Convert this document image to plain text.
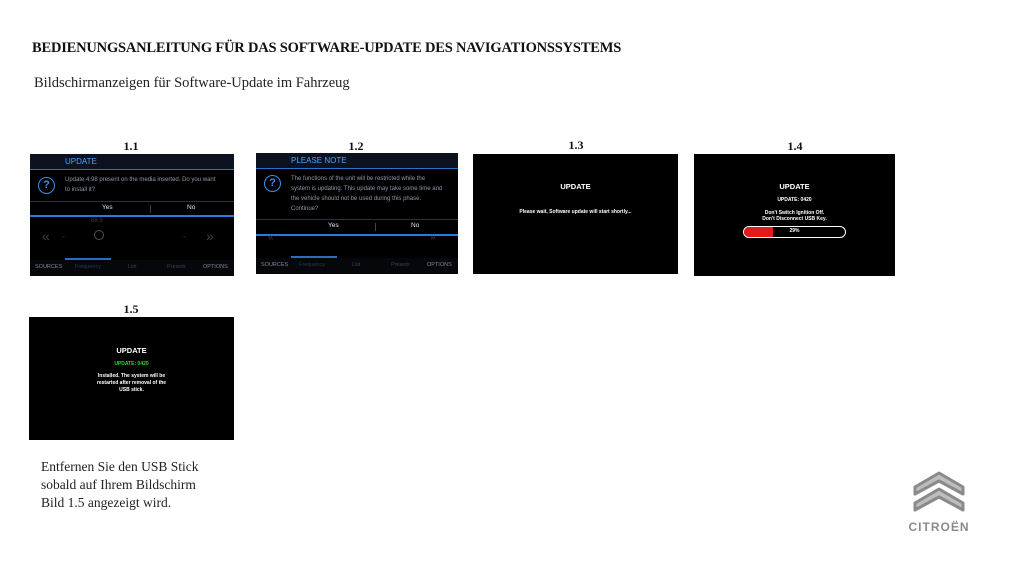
BEDIENUNGSANLEITUNG FÜR DAS SOFTWARE-UPDATE DES NAVIGATIONSSYSTEMS
Bildschirmanzeigen für Software-Update im Fahrzeug
1.1
UPDATE
?	Update 4.98 present on the media inserted. Do you want
to install it?
Yes	No
88.9
« ←	→ »
SOURCES Frequency	List	Presets	OPTIONS
1.2
PLEASE NOTE
?	The functions of the unit will be restricted while the
system is updating. This update may take some time and
the vehicle should not be used during this phase.
Continue?
Yes	No
«	»
SOURCES Frequency	List	Presets	OPTIONS
1.3
UPDATE
Please wait, Software update will start shortly...
1.4
UPDATE
UPDATE: 0420
Don't Switch Ignition Off.
Don't Disconnect USB Key.
29%
1.5
UPDATE
UPDATE: 0420
Installed. The system will be
restarted after removal of the
USB stick.
Entfernen Sie den USB Stick
sobald auf Ihrem Bildschirm
Bild 1.5 angezeigt wird.
CITROËN
